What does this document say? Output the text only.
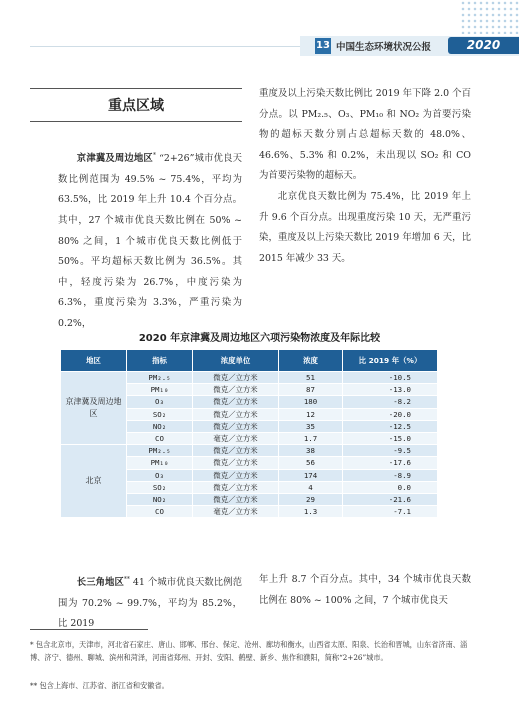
13 中国生态环境状况公报	2020
重点区域

京津冀及周边地区* “2+26”城市优良天数比例范围为 49.5% ~ 75.4%，平均为 63.5%，比 2019 年上升 10.4 个百分点。其中，27 个城市优良天数比例在 50% ~ 80% 之间，1 个城市优良天数比例低于 50%。平均超标天数比例为 36.5%。其中，轻度污染为 26.7%，中度污染为 6.3%，重度污染为 3.3%，严重污染为 0.2%，

重度及以上污染天数比例比 2019 年下降 2.0 个百分点。以 PM₂.₅、O₃、PM₁₀ 和 NO₂ 为首要污染物的超标天数分别占总超标天数的 48.0%、46.6%、5.3% 和 0.2%，未出现以 SO₂ 和 CO 为首要污染物的超标天。

北京优良天数比例为 75.4%，比 2019 年上升 9.6 个百分点。出现重度污染 10 天，无严重污染，重度及以上污染天数比 2019 年增加 6 天，比 2015 年减少 33 天。

2020 年京津冀及周边地区六项污染物浓度及年际比较
地区	指标	浓度单位	浓度	比 2019 年（%）
京津冀及周边地区	PM₂.₅	微克／立方米	51	-10.5
	PM₁₀	微克／立方米	87	-13.0
	O₃	微克／立方米	180	-8.2
	SO₂	微克／立方米	12	-20.0
	NO₂	微克／立方米	35	-12.5
	CO	毫克／立方米	1.7	-15.0
北京	PM₂.₅	微克／立方米	38	-9.5
	PM₁₀	微克／立方米	56	-17.6
	O₃	微克／立方米	174	-8.9
	SO₂	微克／立方米	4	0.0
	NO₂	微克／立方米	29	-21.6
	CO	毫克／立方米	1.3	-7.1

长三角地区** 41 个城市优良天数比例范围为 70.2% ~ 99.7%，平均为 85.2%，比 2019

年上升 8.7 个百分点。其中，34 个城市优良天数比例在 80% ~ 100% 之间，7 个城市优良天

* 包含北京市，天津市，河北省石家庄、唐山、邯郸、邢台、保定、沧州、廊坊和衡水，山西省太原、阳泉、长治和晋城，山东省济南、淄博、济宁、德州、聊城、滨州和菏泽，河南省郑州、开封、安阳、鹤壁、新乡、焦作和濮阳，简称“2+26”城市。
** 包含上海市、江苏省、浙江省和安徽省。
